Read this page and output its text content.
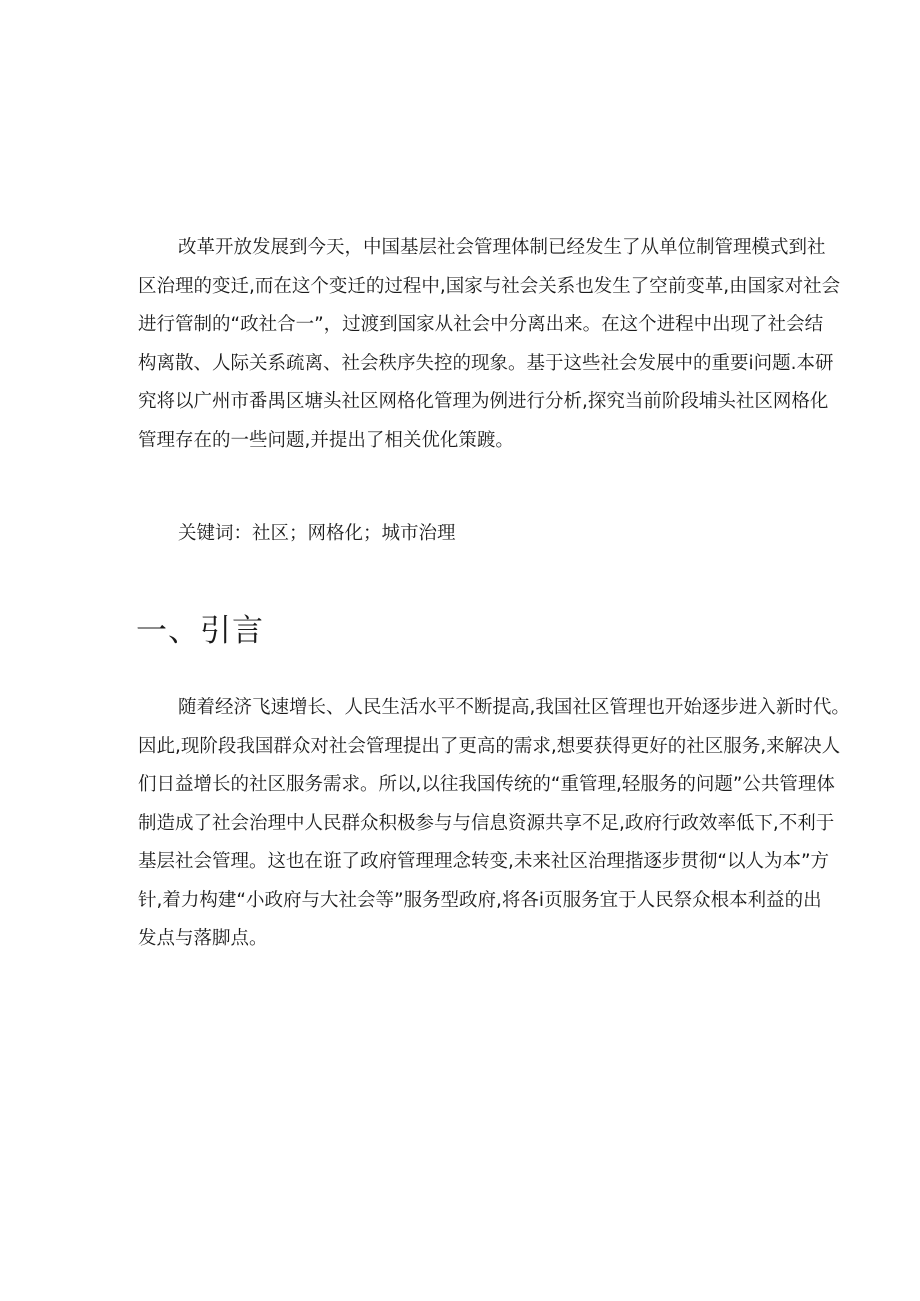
改革开放发展到今天，中国基层社会管理体制已经发生了从单位制管理模式到社
区治理的变迁,而在这个变迁的过程中,国家与社会关系也发生了空前变革,由国家对社会
进行管制的“政社合一”，过渡到国家从社会中分离出来。在这个进程中出现了社会结
构离散、人际关系疏离、社会秩序失控的现象。基于这些社会发展中的重要i问题.本研
究将以广州市番禺区塘头社区网格化管理为例进行分析,探究当前阶段埔头社区网格化
管理存在的一些问题,并提出了相关优化策踱。
关键词：社区；网格化；城市治理
一、引言
随着经济飞速增长、人民生活水平不断提高,我国社区管理也开始逐步进入新时代。
因此,现阶段我国群众对社会管理提出了更高的需求,想要获得更好的社区服务,来解决人
们日益增长的社区服务需求。所以,以往我国传统的“重管理,轻服务的问题”公共管理体
制造成了社会治理中人民群众积极参与与信息资源共享不足,政府行政效率低下,不利于
基层社会管理。这也在诳了政府管理理念转变,未来社区治理揩逐步贯彻“以人为本”方
针,着力构建“小政府与大社会等”服务型政府,将各i页服务宜于人民祭众根本利益的出
发点与落脚点。
